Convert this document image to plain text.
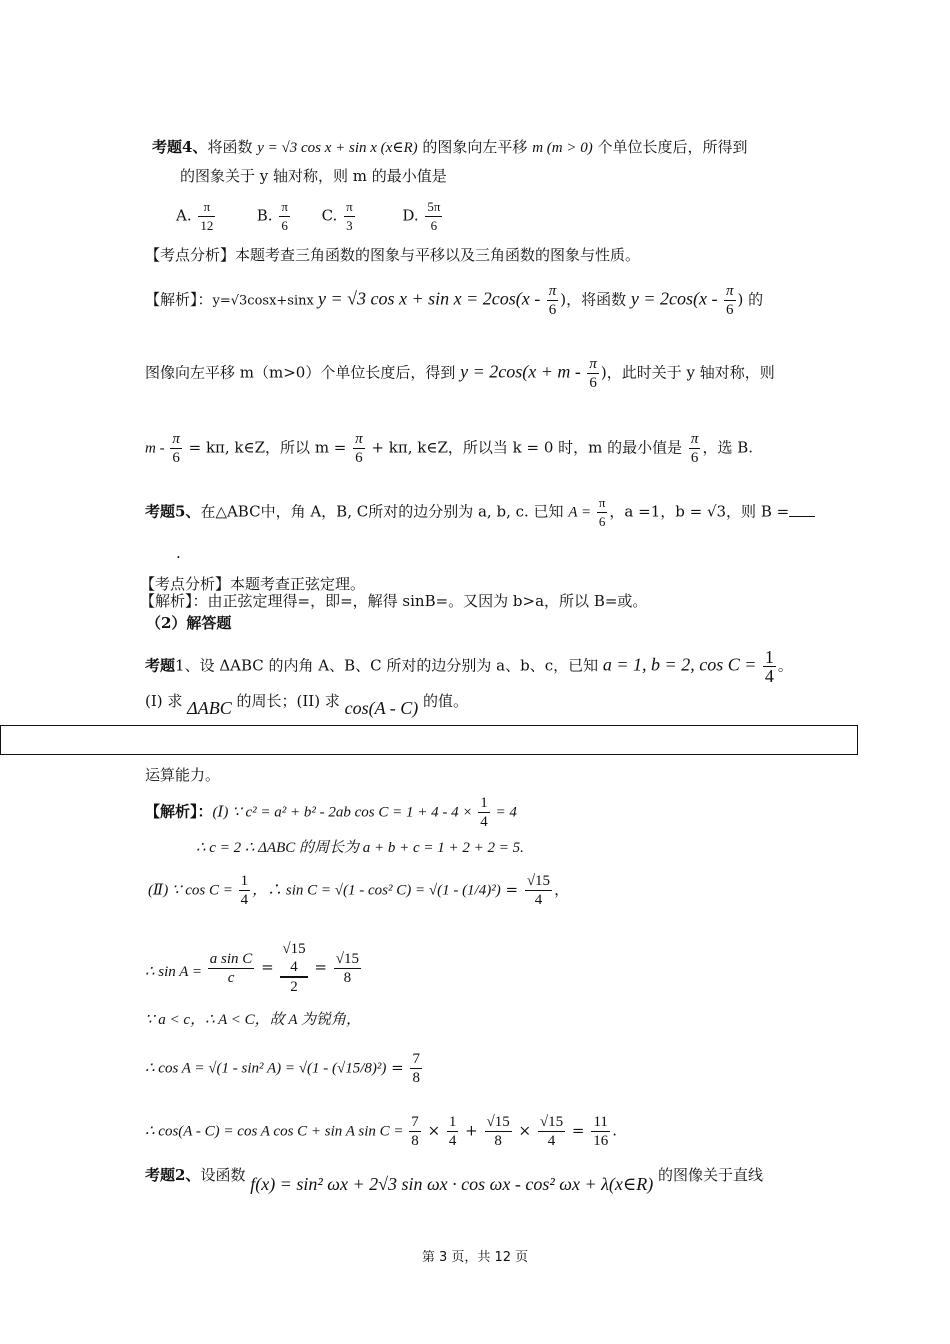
考题4、将函数 y = √3 cos x + sin x (x∈R) 的图象向左平移 m (m > 0) 个单位长度后，所得到
的图象关于 y 轴对称，则 m 的最小值是
A. $\frac{\pi}{12}$	B. $\frac{\pi}{6} C$. $\frac{\pi}{3}$	D. $\frac{5\pi}{6}$
【考点分析】本题考查三角函数的图象与平移以及三角函数的图象与性质。
【解析】：y=√3cosx+sinx y = √3 $\cos x + \sin x = 2\cos(x - \frac{\pi}{6}$ )，将函数 $y = 2\cos(x - \frac{\pi}{6}$ ) 的
图像向左平移 m（m>0）个单位长度后，得到 $y = 2\cos(x + m - \frac{\pi}{6}$ )，此时关于 y 轴对称，则
$m - \frac{\pi}{6} = k\pi$, k∈Z，所以 $m = \frac{\pi}{6} + k\pi$, k∈Z，所以当 k = 0 时，m 的最小值是 $\frac{\pi}{6}$ ，选 B.
考题5、在△ABC中，角 A，B, C所对的边分别为 a, b, c. 已知 $A = \frac{\pi}{6}$ ，a =1，b = √3，则 B =
.
【考点分析】本题考查正弦定理。
【解析】：由正弦定理得=，即=，解得 sinB=。又因为 b>a，所以 B=或。
（2）解答题
考题1、设 ΔABC 的内角 A、B、C 所对的边分别为 a、b、c，已知 a = 1, b = 2, $\cos C = \frac{1}{4}$ 。
(I) 求 ΔABC 的周长；(II) 求 cos(A - C) 的值。
运算能力。
【解析】：(Ⅰ) ∵ c² = a² + b² - 2ab $\cos C = 1 + 4 - 4 \times \frac{1}{4} = 4$
∴ c = 2 ∴ ΔABC 的周长为 a + b + c = 1 + 2 + 2 = 5.
(Ⅱ) ∵ $\cos C = \frac{1}{4}$ ，∴ sin C = √(1 - cos² $C) = √(1 - (1/4)^2) = \frac{√15}{4}$ ，
∴ $\sin A = \frac{\text{a sin C}}{c}$ =
√15
4
2
= $\frac{√15}{8}$
∵ a < c，∴ A < C，故 A 为锐角，
∴ cos A = √(1 - sin² $A) = √(1 - (√15/8)^2) = \frac{7}{8}$
∴ cos(A - C) = cos A cos C + sin A $\sin C = \frac{7}{8} \times \frac{1}{4} + \frac{√15}{8} \times \frac{√15}{4} = \frac{11}{16}$ .
考题2、设函数 f(x) = sin² ωx + 2√3 sin ωx · cos ωx - cos² ωx + λ(x∈R) 的图像关于直线
第 3 页，共 12 页
